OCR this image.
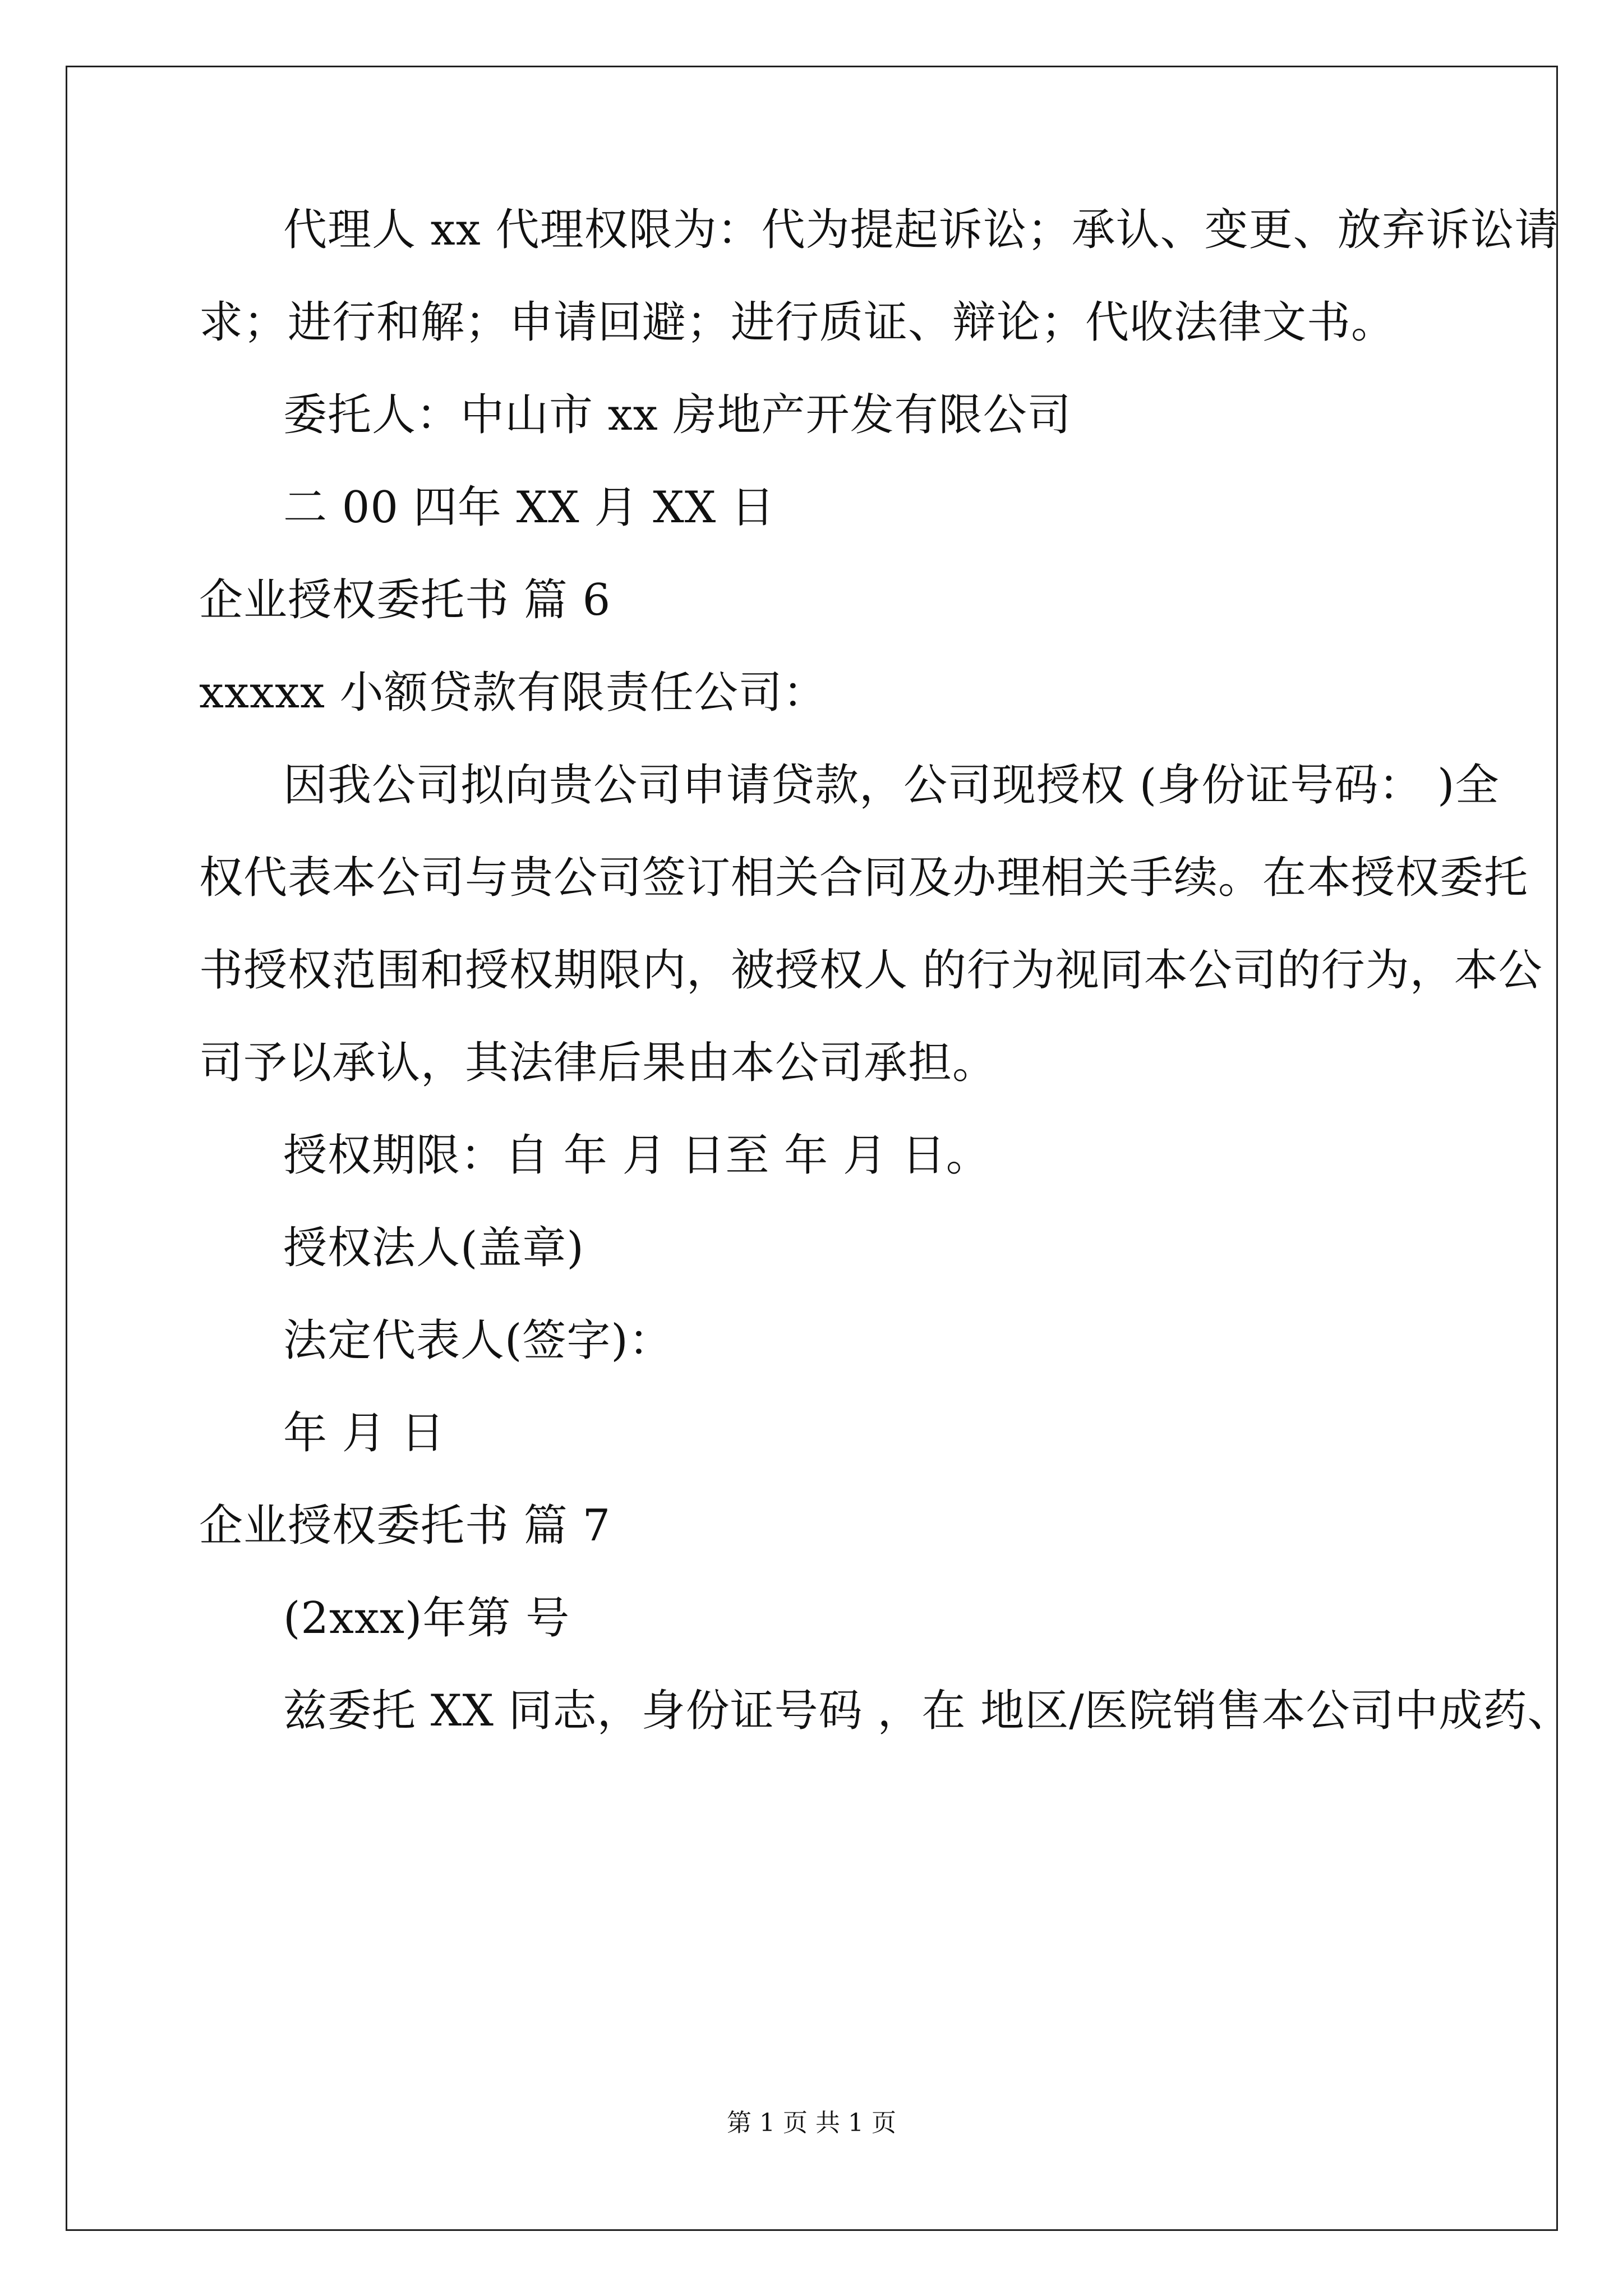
代理人 xx 代理权限为：代为提起诉讼；承认、变更、放弃诉讼请
求；进行和解；申请回避；进行质证、辩论；代收法律文书。
委托人：中山市 xx 房地产开发有限公司
二 00 四年 XX 月 XX 日
企业授权委托书 篇 6
xxxxx 小额贷款有限责任公司：
因我公司拟向贵公司申请贷款，公司现授权 (身份证号码： )全
权代表本公司与贵公司签订相关合同及办理相关手续。在本授权委托
书授权范围和授权期限内，被授权人 的行为视同本公司的行为，本公
司予以承认，其法律后果由本公司承担。
授权期限：自 年 月 日至 年 月 日。
授权法人(盖章)
法定代表人(签字)：
年 月 日
企业授权委托书 篇 7
(2xxx)年第 号
兹委托 XX 同志，身份证号码 ，在 地区/医院销售本公司中成药、
第 1 页 共 1 页
